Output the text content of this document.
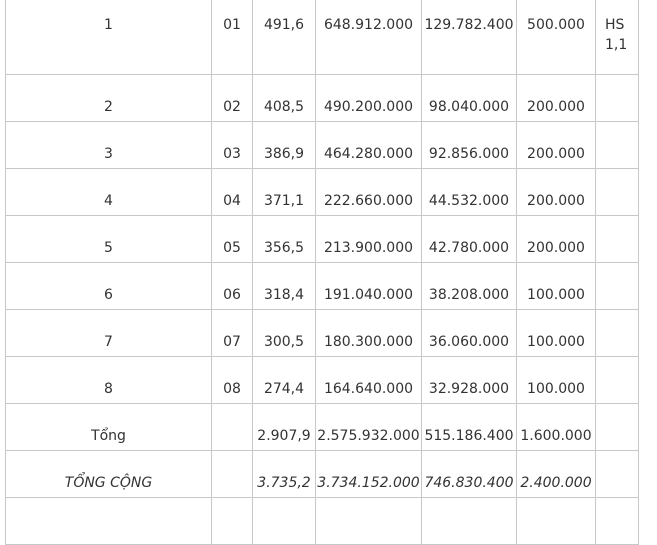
1	01	491,6	648.912.000	129.782.400	500.000	HS 1,1

2	02	408,5	490.200.000	98.040.000	200.000	

3	03	386,9	464.280.000	92.856.000	200.000	

4	04	371,1	222.660.000	44.532.000	200.000	

5	05	356,5	213.900.000	42.780.000	200.000	

6	06	318,4	191.040.000	38.208.000	100.000	

7	07	300,5	180.300.000	36.060.000	100.000	

8	08	274,4	164.640.000	32.928.000	100.000	

Tổng		2.907,9	2.575.932.000	515.186.400	1.600.000	

TỔNG CỘNG		3.735,2	3.734.152.000	746.830.400	2.400.000	
